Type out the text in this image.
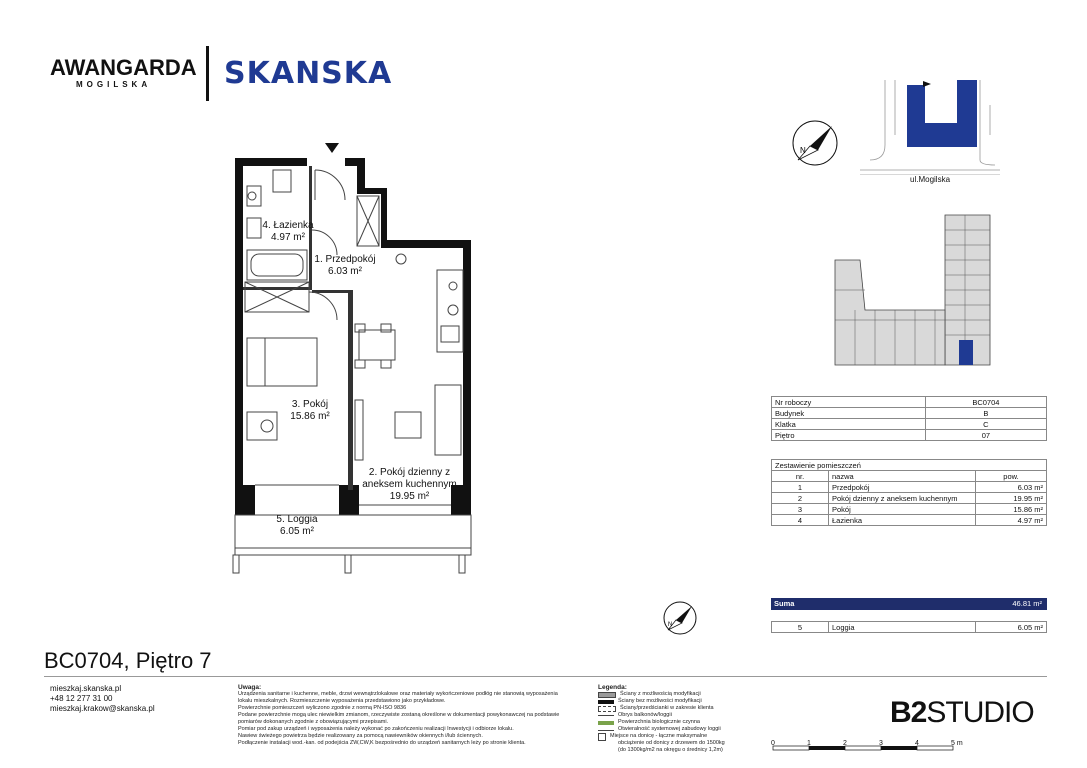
AWANGARDA
MOGILSKA SKANSKA
4. Łazienka
4.97 m²
1. Przedpokój
6.03 m²
3. Pokój
15.86 m²
2. Pokój dzienny z aneksem kuchennym
19.95 m²
5. Loggia
6.05 m²
N
ul.Mogilska
Nr roboczy	BC0704
Budynek	B
Klatka	C
Piętro	07
Zestawienie pomieszczeń		
nr.	nazwa	pow.
1	Przedpokój	6.03 m²
2	Pokój dzienny z aneksem kuchennym	19.95 m²
3	Pokój	15.86 m²
4	Łazienka	4.97 m²
Suma	46.81 m²
5	Loggia	6.05 m²
N
BC0704, Piętro 7
mieszkaj.skanska.pl
+48 12 277 31 00
mieszkaj.krakow@skanska.pl
Uwaga:
Urządzenia sanitarne i kuchenne, meble, drzwi wewnątrzlokalowe oraz materiały wykończeniowe podłóg nie stanowią wyposażenia
lokalu mieszkalnych. Rozmieszczenie wyposażenia przedstawiono jako przykładowe.
Powierzchnie pomieszczeń wyliczono zgodnie z normą PN-ISO 9836
Podane powierzchnie mogą ulec niewielkim zmianom, rzeczywiste zostaną określone w dokumentacji powykonawczej na podstawie
pomiarów dokonanych zgodnie z obowiązującymi przepisami.
Pomiar pod zakup urządzeń i wyposażenia należy wykonać po zakończeniu realizacji Inwestycji i odbiorze lokalu.
Nawiew świeżego powietrza będzie realizowany za pomocą nawiewników okiennych i/lub ściennych.
Podłączenie instalacji wod.-kan. od podejścia ZW,CW,K bezpośrednio do urządzeń sanitarnych leży po stronie klienta.
Legenda:
Ściany z możliwością modyfikacji
Ściany bez możliwości modyfikacji
Ściany/przedścianki w zakresie klienta
Obrys balkonów/loggii
Powierzchnia biologicznie czynna
Otwieralność systemowej zabudowy loggii
Miejsce na donicę - łączne maksymalne
obciążenie od donicy z drzewem do 1500kg
(do 1300kg/m2 na okręgu o średnicy 1,2m)
B2STUDIO
0	1	2	3	4	5 m
